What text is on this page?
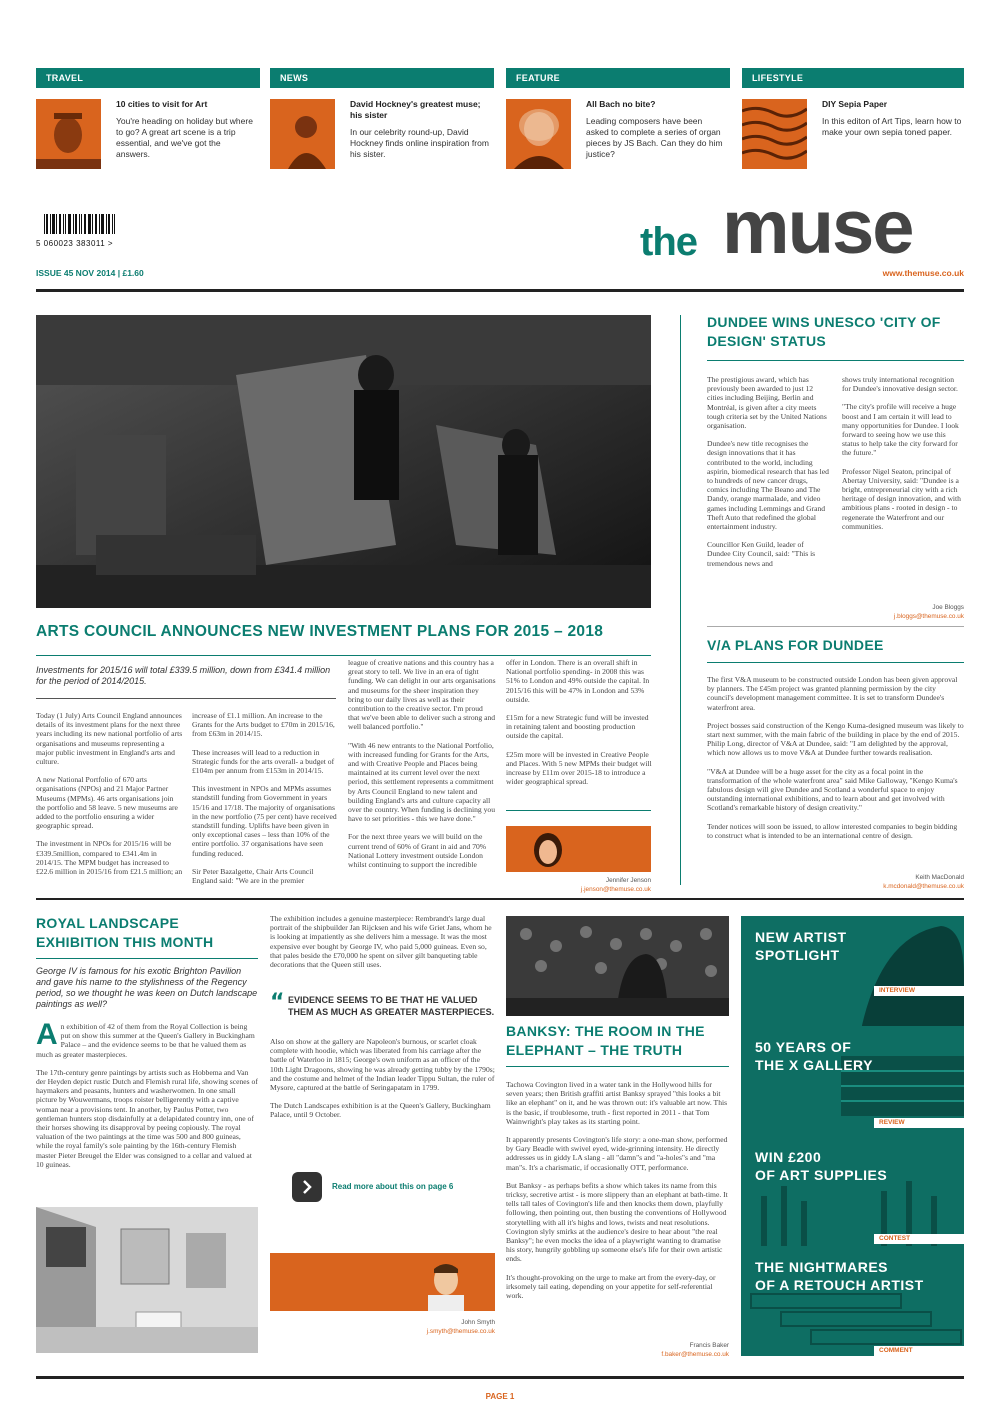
TRAVEL
10 cities to visit for Art
You're heading on holiday but where to go? A great art scene is a trip essential, and we've got the answers.
NEWS
David Hockney's greatest muse; his sister
In our celebrity round-up, David Hockney finds online inspiration from his sister.
FEATURE
All Bach no bite?
Leading composers have been asked to complete a series of organ pieces by JS Bach. Can they do him justice?
LIFESTYLE
DIY Sepia Paper
In this editon of Art Tips, learn how to make your own sepia toned paper.
5 060023 383011 >
ISSUE 45 NOV 2014 | £1.60
the muse
www.themuse.co.uk
ARTS COUNCIL ANNOUNCES NEW INVESTMENT PLANS FOR 2015 – 2018
Investments for 2015/16 will total £339.5 million, down from £341.4 million for the period of 2014/2015.

Today (1 July) Arts Council England announces details of its investment plans for the next three years including its new national portfolio of arts organisations and museums representing a major public investment in England's arts and culture.

A new National Portfolio of 670 arts organisations (NPOs) and 21 Major Partner Museums (MPMs). 46 arts organisations join the portfolio and 58 leave. 5 new museums are added to the portfolio ensuring a wider geographic spread.

The investment in NPOs for 2015/16 will be £339.5million, compared to £341.4m in 2014/15. The MPM budget has increased to £22.6 million in 2015/16 from £21.5 million; an

increase of £1.1 million. An increase to the Grants for the Arts budget to £70m in 2015/16, from £63m in 2014/15.

These increases will lead to a reduction in Strategic funds for the arts overall- a budget of £104m per annum from £153m in 2014/15.

This investment in NPOs and MPMs assumes standstill funding from Government in years 15/16 and 17/18. The majority of organisations in the new portfolio (75 per cent) have received standstill funding. Uplifts have been given in only exceptional cases – less than 10% of the entire portfolio. 37 organisations have seen funding reduced.

Sir Peter Bazalgette, Chair Arts Council England said: "We are in the premier

league of creative nations and this country has a great story to tell. We live in an era of tight funding. We can delight in our arts organisations and museums for the sheer inspiration they bring to our daily lives as well as their contribution to the creative sector. I'm proud that we've been able to deliver such a strong and well balanced portfolio."

"With 46 new entrants to the National Portfolio, with increased funding for Grants for the Arts, and with Creative People and Places being maintained at its current level over the next period, this settlement represents a commitment by Arts Council England to new talent and building England's arts and culture capacity all over the country. When funding is declining you have to set priorities - this we have done."

For the next three years we will build on the current trend of 60% of Grant in aid and 70% National Lottery investment outside London whilst continuing to support the incredible

offer in London. There is an overall shift in National portfolio spending- in 2008 this was 51% to London and 49% outside the capital. In 2015/16 this will be 47% in London and 53% outside.

£15m for a new Strategic fund will be invested in retaining talent and boosting production outside the capital.

£25m more will be invested in Creative People and Places. With 5 new MPMs their budget will increase by £11m over 2015-18 to introduce a wider geographical spread.

Jennifer Jenson
j.jenson@themuse.co.uk
DUNDEE WINS UNESCO 'CITY OF DESIGN' STATUS

The prestigious award, which has previously been awarded to just 12 cities including Beijing, Berlin and Montréal, is given after a city meets tough criteria set by the United Nations organisation.

Dundee's new title recognises the design innovations that it has contributed to the world, including aspirin, biomedical research that has led to hundreds of new cancer drugs, comics including The Beano and The Dandy, orange marmalade, and video games including Lemmings and Grand Theft Auto that redefined the global entertainment industry.

Councillor Ken Guild, leader of Dundee City Council, said: "This is tremendous news and

shows truly international recognition for Dundee's innovative design sector.

"The city's profile will receive a huge boost and I am certain it will lead to many opportunities for Dundee. I look forward to seeing how we use this status to help take the city forward for the future."

Professor Nigel Seaton, principal of Abertay University, said: "Dundee is a bright, entrepreneurial city with a rich heritage of design innovation, and with ambitious plans - rooted in design - to regenerate the Waterfront and our communities.

Joe Bloggs
j.bloggs@themuse.co.uk
V/A PLANS FOR DUNDEE

The first V&A museum to be constructed outside London has been given approval by planners. The £45m project was granted planning permission by the city council's development management committee. It is set to transform Dundee's waterfront area.

Project bosses said construction of the Kengo Kuma-designed museum was likely to start next summer, with the main fabric of the building in place by the end of 2015. Philip Long, director of V&A at Dundee, said: "I am delighted by the approval, which now allows us to move V&A at Dundee further towards realisation.

"V&A at Dundee will be a huge asset for the city as a focal point in the transformation of the whole waterfront area" said Mike Galloway, "Kengo Kuma's fabulous design will give Dundee and Scotland a wonderful space to enjoy outstanding international exhibitions, and to learn about and get involved with Scotland's remarkable history of design creativity."

Tender notices will soon be issued, to allow interested companies to begin bidding to construct what is intended to be an international centre of design.

Keith MacDonald
k.mcdonald@themuse.co.uk
ROYAL LANDSCAPE EXHIBITION THIS MONTH
George IV is famous for his exotic Brighton Pavilion and gave his name to the stylishness of the Regency period, so we thought he was keen on Dutch landscape paintings as well?

An exhibition of 42 of them from the Royal Collection is being put on show this summer at the Queen's Gallery in Buckingham Palace – and the evidence seems to be that he valued them as much as greater masterpieces.

The 17th-century genre paintings by artists such as Hobbema and Van der Heyden depict rustic Dutch and Flemish rural life, showing scenes of haymakers and peasants, hunters and washerwomen. In one small picture by Wouwermans, troops roister belligerently with a captive woman near a provisions tent. In another, by Paulus Potter, two gentleman hunters stop disdainfully at a delapidated country inn, one of their horses showing its disapproval by peeing copiously. The royal valuation of the two paintings at the time was 500 and 800 guineas, while the royal family's sole painting by the 16th-century Flemish master Pieter Breugel the Elder was consigned to a cellar and valued at 10 guineas.

The exhibition includes a genuine masterpiece: Rembrandt's large dual portrait of the shipbuilder Jan Rijcksen and his wife Griet Jans, whom he is looking at impatiently as she delivers him a message. It was the most expensive ever bought by George IV, who paid 5,000 guineas. Even so, that pales beside the £70,000 he spent on silver gilt banqueting table decorations that the Queen still uses.

“ EVIDENCE SEEMS TO BE THAT HE VALUED THEM AS MUCH AS GREATER MASTERPIECES.

Also on show at the gallery are Napoleon's burnous, or scarlet cloak complete with hoodie, which was liberated from his carriage after the battle of Waterloo in 1815; George's own uniform as an officer of the 10th Light Dragoons, showing he was already getting tubby by the 1790s; and the costume and helmet of the Indian leader Tippu Sultan, the ruler of Mysore, captured at the battle of Seringapatam in 1799.

The Dutch Landscapes exhibition is at the Queen's Gallery, Buckingham Palace, until 9 October.

Read more about this on page 6
John Smyth
j.smyth@themuse.co.uk
BANKSY: THE ROOM IN THE ELEPHANT – THE TRUTH

Tachowa Covington lived in a water tank in the Hollywood hills for seven years; then British graffiti artist Banksy sprayed "this looks a bit like an elephant" on it, and he was thrown out: it's valuable art now. This is the basic, if troublesome, truth - first reported in 2011 - that Tom Wainwright's play takes as its starting point.

It apparently presents Covington's life story: a one-man show, performed by Gary Beadle with swivel eyed, wide-grinning intensity. He directly addresses us in giddy LA slang - all "damn"s and "a-holes"s and "ma man"s. It's a charismatic, if occasionally OTT, performance.

But Banksy - as perhaps befits a show which takes its name from this tricksy, secretive artist - is more slippery than an elephant at bath-time. It tells tall tales of Covington's life and then knocks them down, playfully following, then pointing out, then busting the conventions of Hollywood storytelling with all it's highs and lows, twists and neat resolutions. Covington slyly smirks at the audience's desire to hear about "the real Banksy"; he even mocks the idea of a playwright wanting to dramatise his story, hungrily gobbling up someone else's life for their own artistic ends.

It's thought-provoking on the urge to make art from the every-day, or irksomely tail eating, depending on your appetite for self-referential work.

Francis Baker
f.baker@themuse.co.uk
NEW ARTIST
SPOTLIGHT
INTERVIEW
50 YEARS OF
THE X GALLERY
REVIEW
WIN £200
OF ART SUPPLIES
CONTEST
THE NIGHTMARES
OF A RETOUCH ARTIST
COMMENT
PAGE 1
